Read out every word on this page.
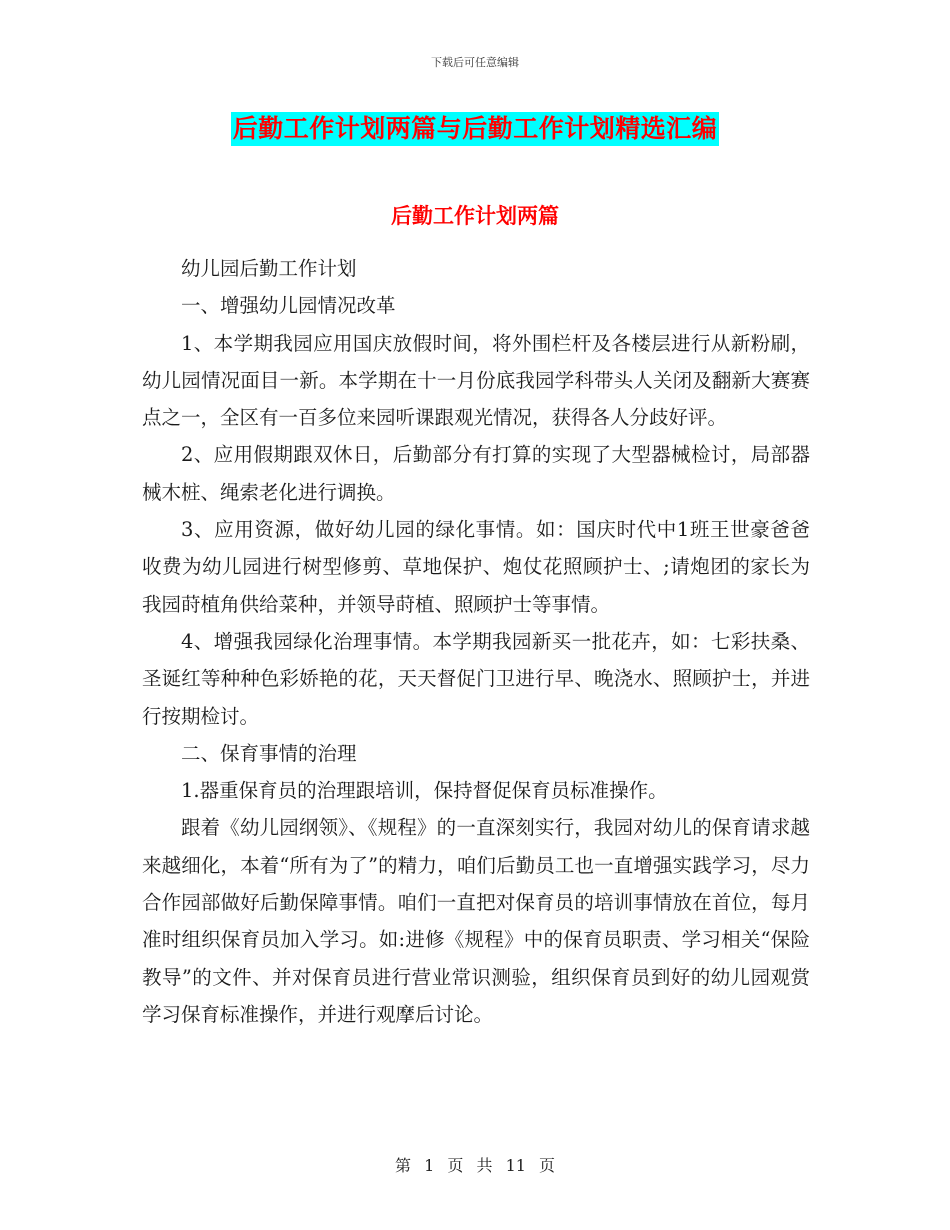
下载后可任意编辑
后勤工作计划两篇与后勤工作计划精选汇编
后勤工作计划两篇

幼儿园后勤工作计划

一、增强幼儿园情况改革

1、本学期我园应用国庆放假时间，将外围栏杆及各楼层进行从新粉刷，幼儿园情况面目一新。本学期在十一月份底我园学科带头人关闭及翻新大赛赛点之一，全区有一百多位来园听课跟观光情况，获得各人分歧好评。

2、应用假期跟双休日，后勤部分有打算的实现了大型器械检讨，局部器械木桩、绳索老化进行调换。

3、应用资源，做好幼儿园的绿化事情。如：国庆时代中1班王世豪爸爸收费为幼儿园进行树型修剪、草地保护、炮仗花照顾护士、;请炮团的家长为我园莳植角供给菜种，并领导莳植、照顾护士等事情。

4、增强我园绿化治理事情。本学期我园新买一批花卉，如：七彩扶桑、圣诞红等种种色彩娇艳的花，天天督促门卫进行早、晚浇水、照顾护士，并进行按期检讨。

二、保育事情的治理

1.器重保育员的治理跟培训，保持督促保育员标准操作。

跟着《幼儿园纲领》、《规程》的一直深刻实行，我园对幼儿的保育请求越来越细化，本着“所有为了”的精力，咱们后勤员工也一直增强实践学习，尽力合作园部做好后勤保障事情。咱们一直把对保育员的培训事情放在首位，每月准时组织保育员加入学习。如:进修《规程》中的保育员职责、学习相关“保险教导”的文件、并对保育员进行营业常识测验，组织保育员到好的幼儿园观赏学习保育标准操作，并进行观摩后讨论。

第 1 页 共 11 页
